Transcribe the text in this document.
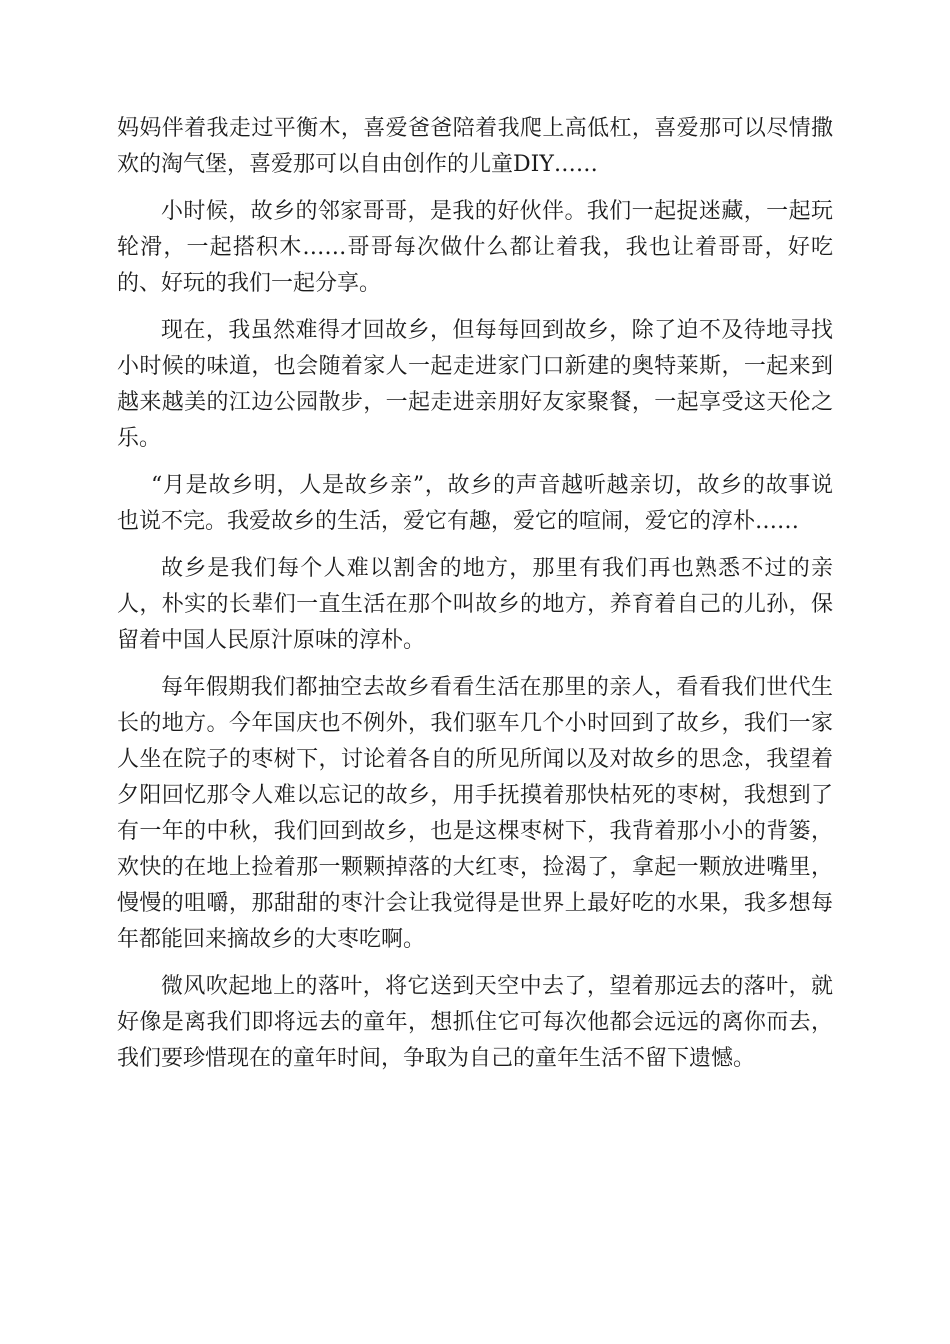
妈妈伴着我走过平衡木，喜爱爸爸陪着我爬上高低杠，喜爱那可以尽情撒欢的淘气堡，喜爱那可以自由创作的儿童DIY……

小时候，故乡的邻家哥哥，是我的好伙伴。我们一起捉迷藏，一起玩轮滑，一起搭积木……哥哥每次做什么都让着我，我也让着哥哥，好吃的、好玩的我们一起分享。

现在，我虽然难得才回故乡，但每每回到故乡，除了迫不及待地寻找小时候的味道，也会随着家人一起走进家门口新建的奥特莱斯，一起来到越来越美的江边公园散步，一起走进亲朋好友家聚餐，一起享受这天伦之乐。

“月是故乡明，人是故乡亲”，故乡的声音越听越亲切，故乡的故事说也说不完。我爱故乡的生活，爱它有趣，爱它的喧闹，爱它的淳朴……

故乡是我们每个人难以割舍的地方，那里有我们再也熟悉不过的亲人，朴实的长辈们一直生活在那个叫故乡的地方，养育着自己的儿孙，保留着中国人民原汁原味的淳朴。

每年假期我们都抽空去故乡看看生活在那里的亲人，看看我们世代生长的地方。今年国庆也不例外，我们驱车几个小时回到了故乡，我们一家人坐在院子的枣树下，讨论着各自的所见所闻以及对故乡的思念，我望着夕阳回忆那令人难以忘记的故乡，用手抚摸着那快枯死的枣树，我想到了有一年的中秋，我们回到故乡，也是这棵枣树下，我背着那小小的背篓，欢快的在地上捡着那一颗颗掉落的大红枣，捡渴了，拿起一颗放进嘴里，慢慢的咀嚼，那甜甜的枣汁会让我觉得是世界上最好吃的水果，我多想每年都能回来摘故乡的大枣吃啊。

微风吹起地上的落叶，将它送到天空中去了，望着那远去的落叶，就好像是离我们即将远去的童年，想抓住它可每次他都会远远的离你而去，我们要珍惜现在的童年时间，争取为自己的童年生活不留下遗憾。
